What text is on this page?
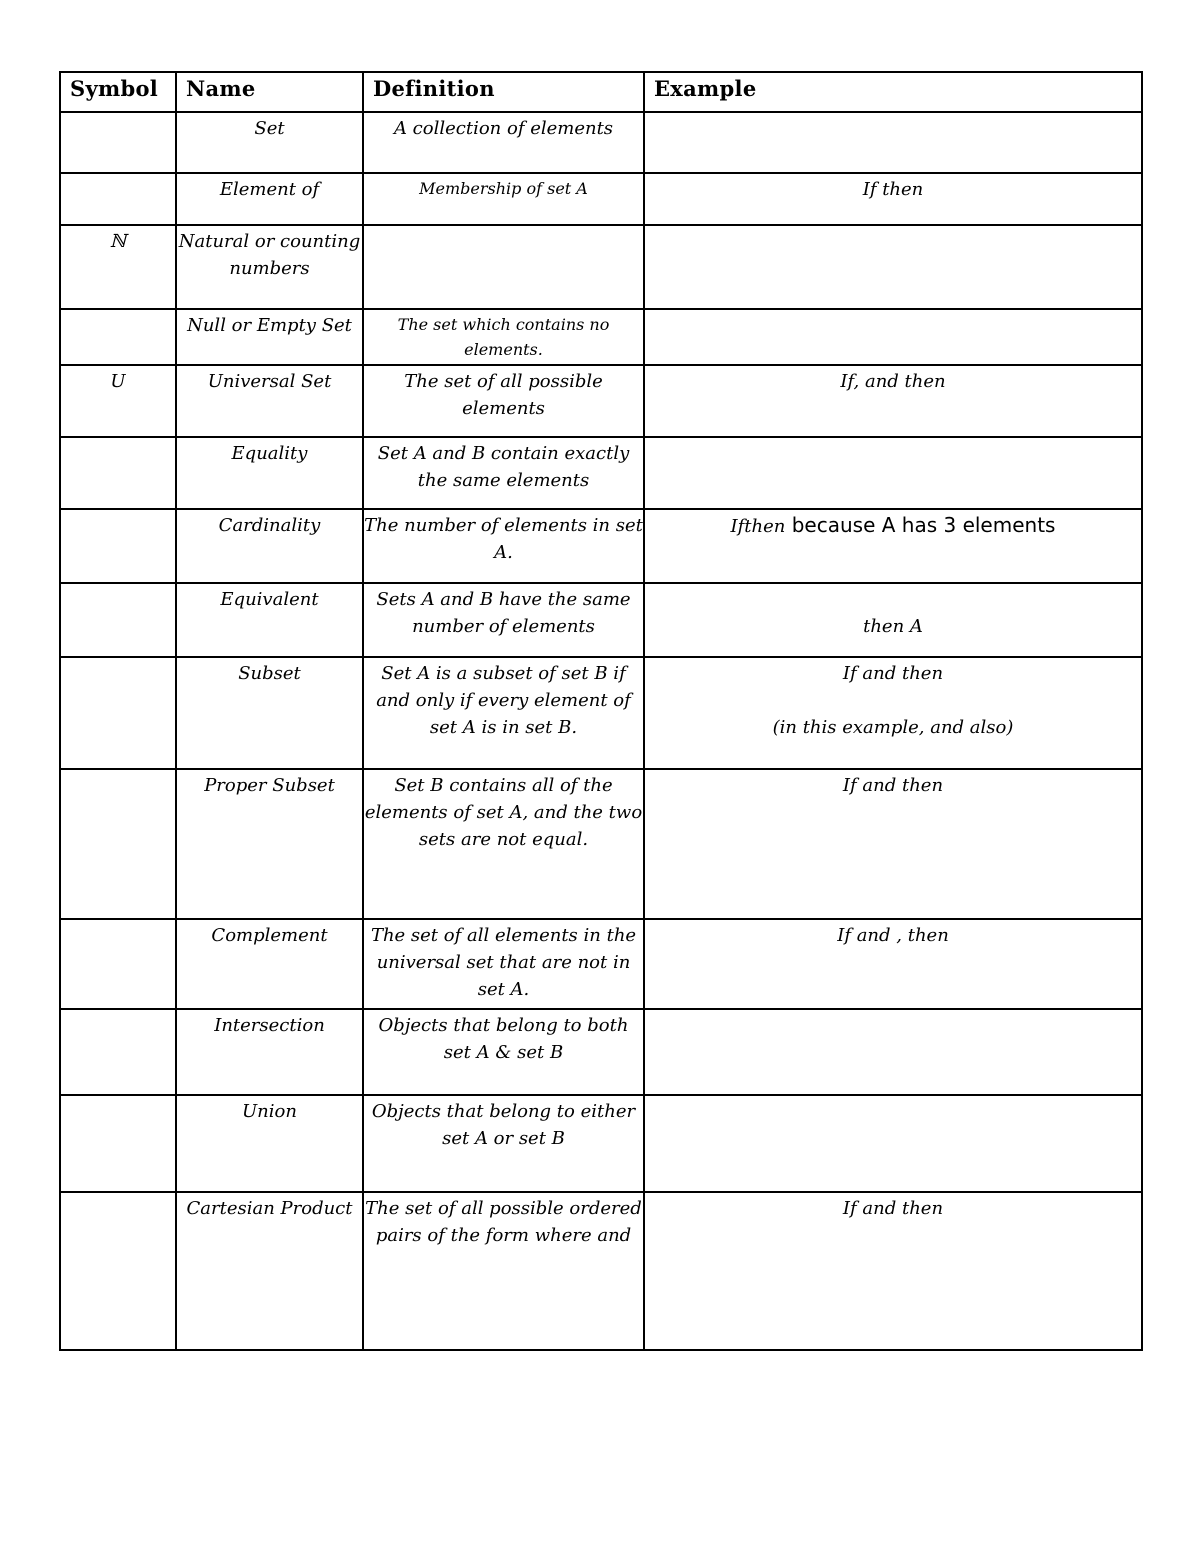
Symbol	Name	Definition	Example
	Set	A collection of elements	
	Element of	Membership of set A	If then
ℕ	Natural or counting numbers		
	Null or Empty Set	The set which contains no elements.	
U	Universal Set	The set of all possible elements	If, and then
	Equality	Set A and B contain exactly the same elements	
	Cardinality	The number of elements in set A.	Ifthen because A has 3 elements
	Equivalent	Sets A and B have the same number of elements	then A

	Subset	Set A is a subset of set B if and only if every element of set A is in set B.	If and then
(in this example, and also)

	Proper Subset	Set B contains all of the elements of set A, and the two sets are not equal.	If and then
	Complement	The set of all elements in the universal set that are not in set A.	If and , then
	Intersection	Objects that belong to both set A & set B	
	Union	Objects that belong to either set A or set B	
	Cartesian Product	The set of all possible ordered pairs of the form where and	If and then
